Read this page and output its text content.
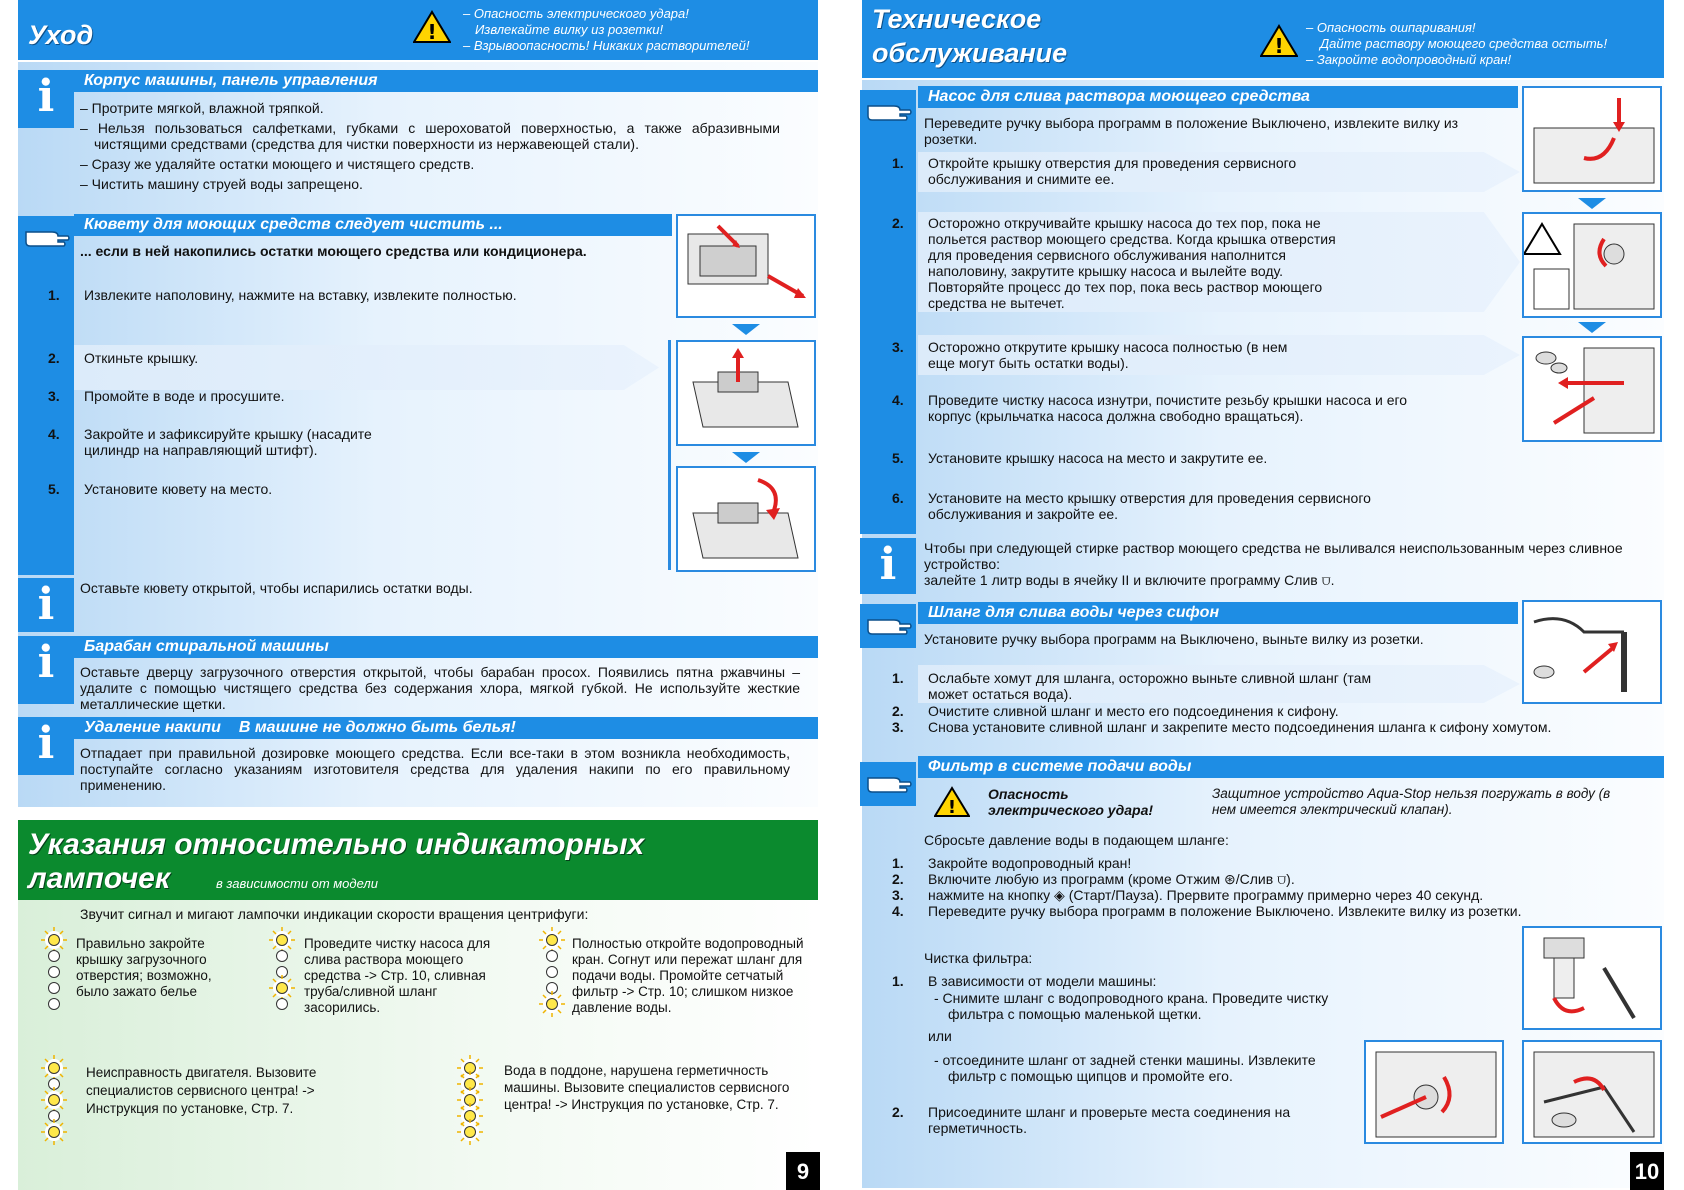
Уход	!
– Опасность электрического удара!
Извлекайте вилку из розетки!
– Взрывоопасность! Никаких растворителей!
i	Корпус машины, панель управления
– Протрите мягкой, влажной тряпкой.
– Нельзя пользоваться салфетками, губками с шероховатой поверхностью, а также абразивными чистящими средствами (средства для чистки поверхности из нержавеющей стали).
– Сразу же удаляйте остатки моющего и чистящего средств.
– Чистить машину струей воды запрещено.
Кювету для моющих средств следует чистить ...
... если в ней накопились остатки моющего средства или кондиционера.
1.	Извлеките наполовину, нажмите на вставку, извлеките полностью.
2.	Откиньте крышку.
3.	Промойте в воде и просушите.
4.	Закройте и зафиксируйте крышку (насадите цилиндр на направляющий штифт).
5.	Установите кювету на место.
i	Оставьте кювету открытой, чтобы испарились остатки воды.
i	Барабан стиральной машины
Оставьте дверцу загрузочного отверстия открытой, чтобы барабан просох. Появились пятна ржавчины – удалите с помощью чистящего средства без содержания хлора, мягкой губкой. Не используйте жесткие металлические щетки.
i	Удаление накипи В машине не должно быть белья!
Отпадает при правильной дозировке моющего средства. Если все-таки в этом возникла необходимость, поступайте согласно указаниям изготовителя средства для удаления накипи по его правильному применению.
Указания относительно индикаторных
лампочек	в зависимости от модели
Звучит сигнал и мигают лампочки индикации скорости вращения центрифуги:
Правильно закройте крышку загрузочного отверстия; возможно, было зажато белье
Проведите чистку насоса для слива раствора моющего средства -> Стр. 10, сливная труба/сливной шланг засорились.
Полностью откройте водопроводный кран. Согнут или пережат шланг для подачи воды. Промойте сетчатый фильтр -> Стр. 10; слишком низкое давление воды.
Неисправность двигателя. Вызовите специалистов сервисного центра! -> Инструкция по установке, Стр. 7.
Вода в поддоне, нарушена герметичность машины. Вызовите специалистов сервисного центра! -> Инструкция по установке, Стр. 7.
9
Техническое
обслуживание	!
– Опасность ошпаривания!
Дайте раствору моющего средства остыть!
– Закройте водопроводный кран!
Насос для слива раствора моющего средства
Переведите ручку выбора программ в положение Выключено, извлеките вилку из розетки.
1.	Откройте крышку отверстия для проведения сервисного обслуживания и снимите ее.
2.	Осторожно откручивайте крышку насоса до тех пор, пока не польется раствор моющего средства. Когда крышка отверстия для проведения сервисного обслуживания наполнится наполовину, закрутите крышку насоса и вылейте воду. Повторяйте процесс до тех пор, пока весь раствор моющего средства не вытечет.
3.	Осторожно открутите крышку насоса полностью (в нем еще могут быть остатки воды).
4.	Проведите чистку насоса изнутри, почистите резьбу крышки насоса и его корпус (крыльчатка насоса должна свободно вращаться).
5.	Установите крышку насоса на место и закрутите ее.
6.	Установите на место крышку отверстия для проведения сервисного обслуживания и закройте ее.
i	Чтобы при следующей стирке раствор моющего средства не выливался неиспользованным через сливное устройство:
залейте 1 литр воды в ячейку II и включите программу Слив ⩌.
Шланг для слива воды через сифон
Установите ручку выбора программ на Выключено, выньте вилку из розетки.
1.	Ослабьте хомут для шланга, осторожно выньте сливной шланг (там может остаться вода).
2.	Очистите сливной шланг и место его подсоединения к сифону.
3.	Снова установите сливной шланг и закрепите место подсоединения шланга к сифону хомутом.
Фильтр в системе подачи воды
!
Опасность
электрического удара!
Защитное устройство Aqua-Stop нельзя погружать в воду (в нем имеется электрический клапан).
Сбросьте давление воды в подающем шланге:
1.	Закройте водопроводный кран!
2.	Включите любую из программ (кроме Отжим ⊛/Слив ⩌).
3.	нажмите на кнопку ◈ (Старт/Пауза). Прервите программу примерно через 40 секунд.
4.	Переведите ручку выбора программ в положение Выключено. Извлеките вилку из розетки.
Чистка фильтра:
1.	В зависимости от модели машины:
- Снимите шланг с водопроводного крана. Проведите чистку фильтра с помощью маленькой щетки.
или
- отсоедините шланг от задней стенки машины. Извлеките фильтр с помощью щипцов и промойте его.
2.	Присоедините шланг и проверьте места соединения на герметичность.
10
